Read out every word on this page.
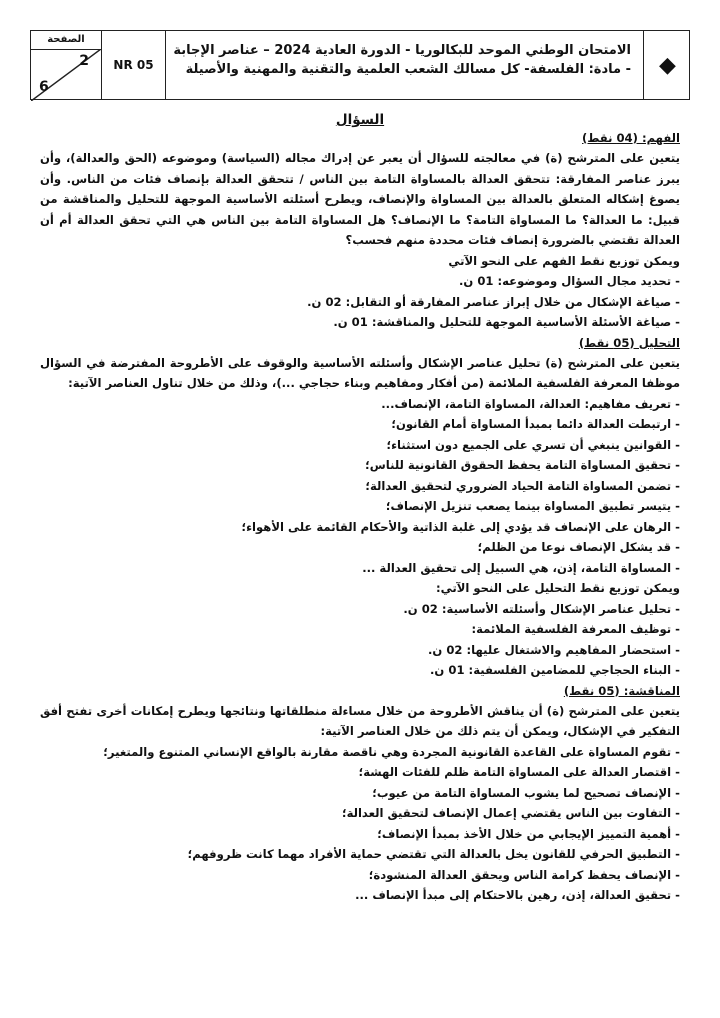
الصفحة
2
6
NR 05
الامتحان الوطني الموحد للبكالوريا - الدورة العادية 2024 – عناصر الإجابة
- مادة: الفلسفة- كل مسالك الشعب العلمية والتقنية والمهنية والأصيلة	◆
السؤال
الفهم: (04 نقط)

يتعين على المترشح (ة) في معالجته للسؤال أن يعبر عن إدراك مجاله (السياسة) وموضوعه (الحق والعدالة)، وأن يبرز عناصر المفارقة: تتحقق العدالة بالمساواة التامة بين الناس / تتحقق العدالة بإنصاف فئات من الناس. وأن يصوغ إشكاله المتعلق بالعدالة بين المساواة والإنصاف، ويطرح أسئلته الأساسية الموجهة للتحليل والمناقشة من قبيل: ما العدالة؟ ما المساواة التامة؟ ما الإنصاف؟ هل المساواة التامة بين الناس هي التي تحقق العدالة أم أن العدالة تقتضي بالضرورة إنصاف فئات محددة منهم فحسب؟

ويمكن توزيع نقط الفهم على النحو الآتي
- تحديد مجال السؤال وموضوعه: 01 ن.
- صياغة الإشكال من خلال إبراز عناصر المفارقة أو التقابل: 02 ن.
- صياغة الأسئلة الأساسية الموجهة للتحليل والمناقشة: 01 ن.
التحليل (05 نقط)

يتعين على المترشح (ة) تحليل عناصر الإشكال وأسئلته الأساسية والوقوف على الأطروحة المفترضة في السؤال موظفا المعرفة الفلسفية الملائمة (من أفكار ومفاهيم وبناء حجاجي ...)، وذلك من خلال تناول العناصر الآتية:

- تعريف مفاهيم: العدالة، المساواة التامة، الإنصاف...
- ارتبطت العدالة دائما بمبدأ المساواة أمام القانون؛
- القوانين ينبغي أن تسري على الجميع دون استثناء؛
- تحقيق المساواة التامة يحفظ الحقوق القانونية للناس؛
- تضمن المساواة التامة الحياد الضروري لتحقيق العدالة؛
- يتيسر تطبيق المساواة بينما يصعب تنزيل الإنصاف؛
- الرهان على الإنصاف قد يؤدي إلى غلبة الذاتية والأحكام القائمة على الأهواء؛
- قد يشكل الإنصاف نوعا من الظلم؛
- المساواة التامة، إذن، هي السبيل إلى تحقيق العدالة ...
ويمكن توزيع نقط التحليل على النحو الآتي:
- تحليل عناصر الإشكال وأسئلته الأساسية: 02 ن.
- توظيف المعرفة الفلسفية الملائمة:
- استحضار المفاهيم والاشتغال عليها: 02 ن.
- البناء الحجاجي للمضامين الفلسفية: 01 ن.
المناقشة: (05 نقط)

يتعين على المترشح (ة) أن يناقش الأطروحة من خلال مساءلة منطلقاتها ونتائجها ويطرح إمكانات أخرى تفتح أفق التفكير في الإشكال، ويمكن أن يتم ذلك من خلال العناصر الآتية:

- تقوم المساواة على القاعدة القانونية المجردة وهي ناقصة مقارنة بالواقع الإنساني المتنوع والمتغير؛
- اقتصار العدالة على المساواة التامة ظلم للفئات الهشة؛
- الإنصاف تصحيح لما يشوب المساواة التامة من عيوب؛
- التفاوت بين الناس يقتضي إعمال الإنصاف لتحقيق العدالة؛
- أهمية التمييز الإيجابي من خلال الأخذ بمبدأ الإنصاف؛
- التطبيق الحرفي للقانون يخل بالعدالة التي تقتضي حماية الأفراد مهما كانت ظروفهم؛
- الإنصاف يحفظ كرامة الناس ويحقق العدالة المنشودة؛
- تحقيق العدالة، إذن، رهين بالاحتكام إلى مبدأ الإنصاف ...
